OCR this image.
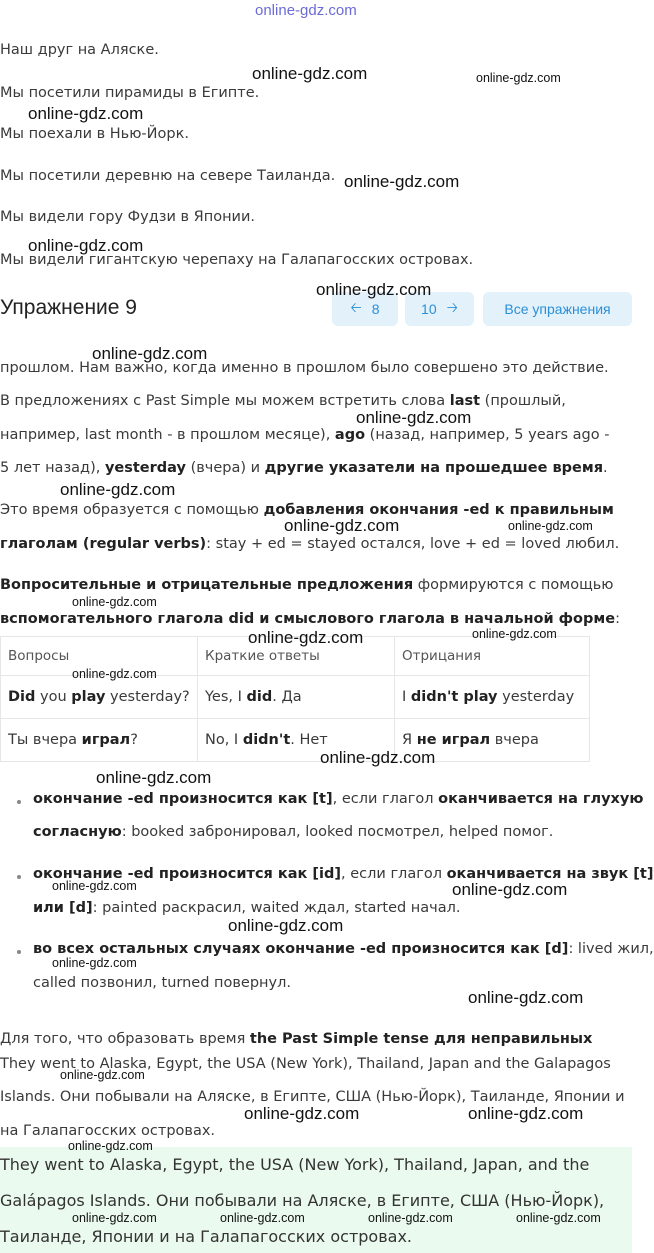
online-gdz.com
Наш друг на Аляске.
Мы посетили пирамиды в Египте.
Мы поехали в Нью-Йорк.
Мы посетили деревню на севере Таиланда.
Мы видели гору Фудзи в Японии.
Мы видели гигантскую черепаху на Галапагосских островах.
Упражнение 9	🡠 8	10 🡢	Все упражнения
прошлом. Нам важно, когда именно в прошлом было совершено это действие.
В предложениях с Past Simple мы можем встретить слова last (прошлый,
например, last month - в прошлом месяце), ago (назад, например, 5 years ago -
5 лет назад), yesterday (вчера) и другие указатели на прошедшее время.
Это время образуется с помощью добавления окончания -ed к правильным
глаголам (regular verbs): stay + ed = stayed остался, love + ed = loved любил.
Вопросительные и отрицательные предложения формируются с помощью
вспомогательного глагола did и смыслового глагола в начальной форме:
Вопросы	Краткие ответы	Отрицания
Did you play yesterday?	Yes, I did. Да	I didn't play yesterday
Ты вчера играл?	No, I didn't. Нет	Я не играл вчера
окончание -ed произносится как [t], если глагол оканчивается на глухую
согласную: booked забронировал, looked посмотрел, helped помог.
окончание -ed произносится как [id], если глагол оканчивается на звук [t]
или [d]: painted раскрасил, waited ждал, started начал.
во всех остальных случаях окончание -ed произносится как [d]: lived жил,
called позвонил, turned повернул.
Для того, что образовать время the Past Simple tense для неправильных
They went to Alaska, Egypt, the USA (New York), Thailand, Japan and the Galapagos
Islands. Они побывали на Аляске, в Египте, США (Нью-Йорк), Таиланде, Японии и
на Галапагосских островах.
They went to Alaska, Egypt, the USA (New York), Thailand, Japan, and the
Galápagos Islands. Они побывали на Аляске, в Египте, США (Нью-Йорк),
Таиланде, Японии и на Галапагосских островах.
online-gdz.com	online-gdz.com
online-gdz.com
online-gdz.com
online-gdz.com
online-gdz.com
online-gdz.com
online-gdz.com
online-gdz.com
online-gdz.com	online-gdz.com
online-gdz.com
online-gdz.com	online-gdz.com
online-gdz.com
online-gdz.com
online-gdz.com
online-gdz.com	online-gdz.com
online-gdz.com
online-gdz.com
online-gdz.com
online-gdz.com
online-gdz.com	online-gdz.com
online-gdz.com
online-gdz.com	online-gdz.com	online-gdz.com	online-gdz.com
